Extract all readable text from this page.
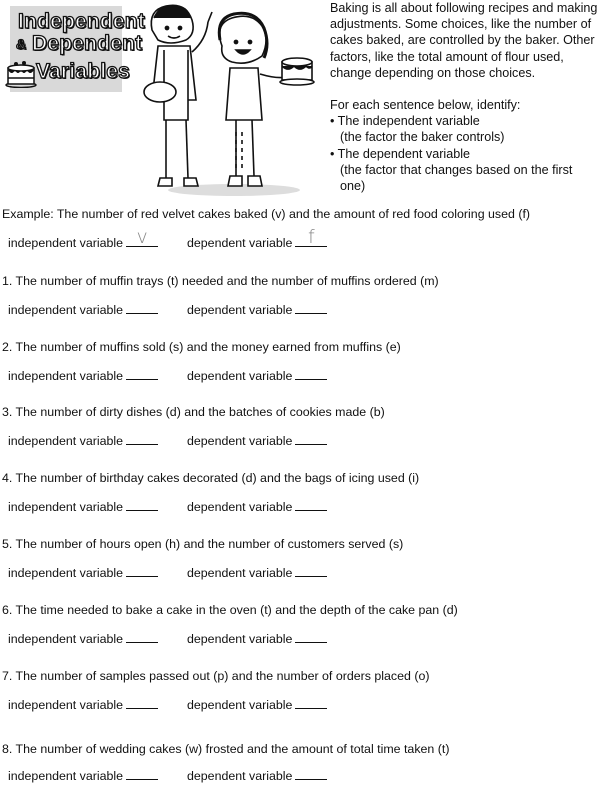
Independent
& Dependent
Variables

Baking is all about following recipes and making adjustments. Some choices, like the number of cakes baked, are controlled by the baker. Other factors, like the total amount of flour used, change depending on those choices.

For each sentence below, identify:
• The independent variable
(the factor the baker controls)
• The dependent variable
(the factor that changes based on the first one)
Example: The number of red velvet cakes baked (v) and the amount of red food coloring used (f)
independent variable v	dependent variable f
1. The number of muffin trays (t) needed and the number of muffins ordered (m)
independent variable	dependent variable
2. The number of muffins sold (s) and the money earned from muffins (e)
independent variable	dependent variable
3. The number of dirty dishes (d) and the batches of cookies made (b)
independent variable	dependent variable
4. The number of birthday cakes decorated (d) and the bags of icing used (i)
independent variable	dependent variable
5. The number of hours open (h) and the number of customers served (s)
independent variable	dependent variable
6. The time needed to bake a cake in the oven (t) and the depth of the cake pan (d)
independent variable	dependent variable
7. The number of samples passed out (p) and the number of orders placed (o)
independent variable	dependent variable
8. The number of wedding cakes (w) frosted and the amount of total time taken (t)
independent variable	dependent variable
